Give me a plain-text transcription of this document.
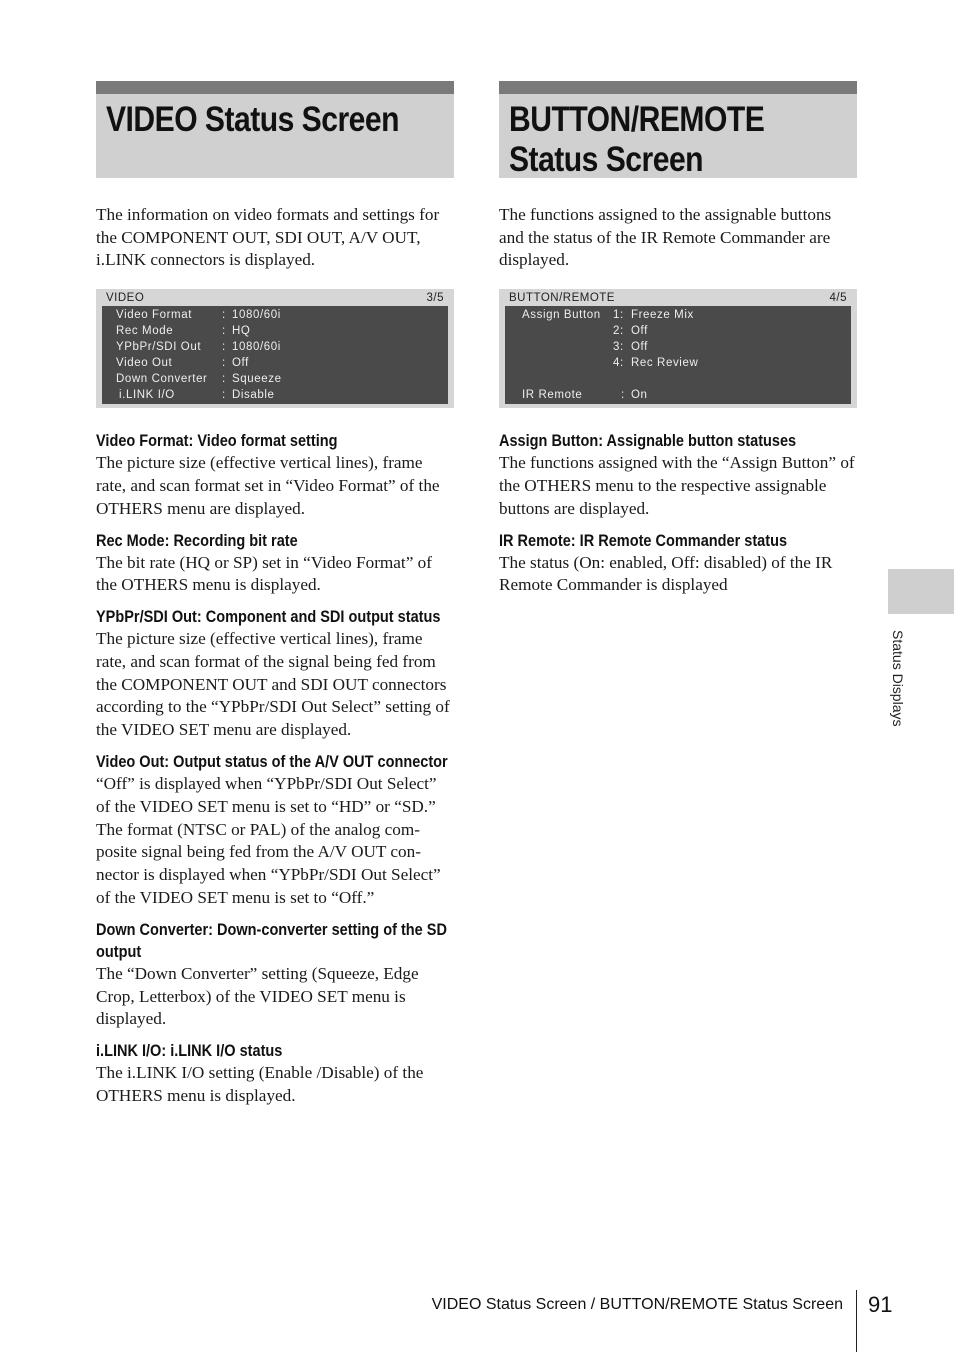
VIDEO Status Screen
The information on video formats and settings for the COMPONENT OUT, SDI OUT, A/V OUT, i.LINK connectors is displayed.
VIDEO	3/5
Video Format	: 1080/60i
Rec Mode	: HQ
YPbPr/SDI Out : 1080/60i
Video Out	: Off
Down Converter : Squeeze
i.LINK I/O	: Disable
Video Format: Video format setting

The picture size (effective vertical lines), frame rate, and scan format set in “Video Format” of the OTHERS menu are displayed.

Rec Mode: Recording bit rate

The bit rate (HQ or SP) set in “Video Format” of the OTHERS menu is displayed.

YPbPr/SDI Out: Component and SDI output status

The picture size (effective vertical lines), frame rate, and scan format of the signal being fed from the COMPONENT OUT and SDI OUT connectors according to the “YPbPr/SDI Out Select” setting of the VIDEO SET menu are displayed.

Video Out: Output status of the A/V OUT connector

“Off” is displayed when “YPbPr/SDI Out Select” of the VIDEO SET menu is set to “HD” or “SD.” The format (NTSC or PAL) of the analog com-posite signal being fed from the A/V OUT con-nector is displayed when “YPbPr/SDI Out Select” of the VIDEO SET menu is set to “Off.”

Down Converter: Down-converter setting of the SD output

The “Down Converter” setting (Squeeze, Edge Crop, Letterbox) of the VIDEO SET menu is displayed.

i.LINK I/O: i.LINK I/O status

The i.LINK I/O setting (Enable /Disable) of the OTHERS menu is displayed.

BUTTON/REMOTE Status Screen
The functions assigned to the assignable buttons and the status of the IR Remote Commander are displayed.
BUTTON/REMOTE	4/5
Assign Button 1: Freeze Mix
2: Off
3: Off
4: Rec Review
IR Remote	: On
Assign Button: Assignable button statuses

The functions assigned with the “Assign Button” of the OTHERS menu to the respective assignable buttons are displayed.

IR Remote: IR Remote Commander status

The status (On: enabled, Off: disabled) of the IR Remote Commander is displayed

Status Displays
VIDEO Status Screen / BUTTON/REMOTE Status Screen 91
